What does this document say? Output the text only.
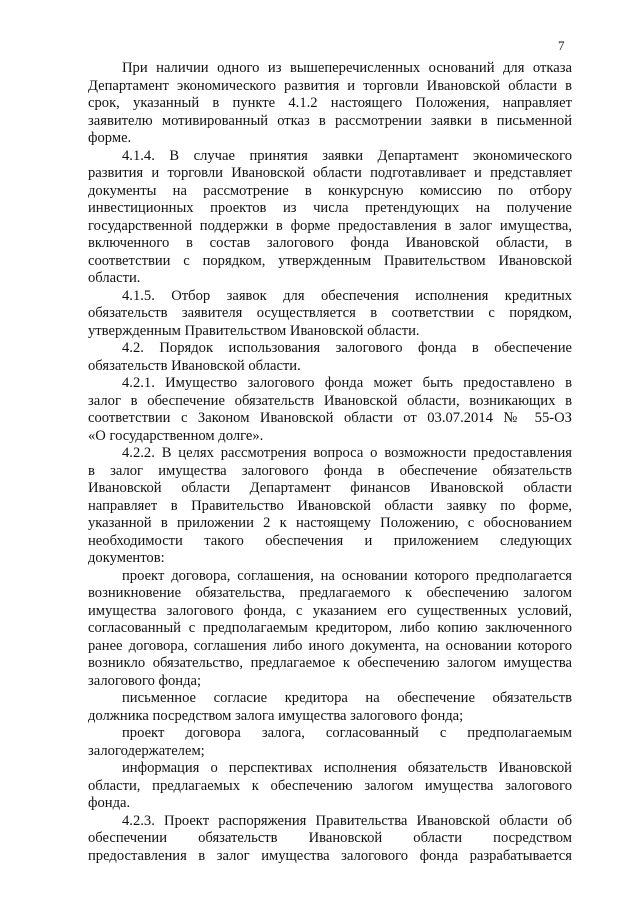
7
При наличии одного из вышеперечисленных оснований для отказа
Департамент экономического развития и торговли Ивановской области в
срок, указанный в пункте 4.1.2 настоящего Положения, направляет
заявителю мотивированный отказ в рассмотрении заявки в письменной
форме.
4.1.4. В случае принятия заявки Департамент экономического
развития и торговли Ивановской области подготавливает и представляет
документы на рассмотрение в конкурсную комиссию по отбору
инвестиционных проектов из числа претендующих на получение
государственной поддержки в форме предоставления в залог имущества,
включенного в состав залогового фонда Ивановской области, в
соответствии с порядком, утвержденным Правительством Ивановской
области.
4.1.5. Отбор заявок для обеспечения исполнения кредитных
обязательств заявителя осуществляется в соответствии с порядком,
утвержденным Правительством Ивановской области.
4.2. Порядок использования залогового фонда в обеспечение
обязательств Ивановской области.
4.2.1. Имущество залогового фонда может быть предоставлено в
залог в обеспечение обязательств Ивановской области, возникающих в
соответствии с Законом Ивановской области от 03.07.2014 № 55-ОЗ
«О государственном долге».
4.2.2. В целях рассмотрения вопроса о возможности предоставления
в залог имущества залогового фонда в обеспечение обязательств
Ивановской области Департамент финансов Ивановской области
направляет в Правительство Ивановской области заявку по форме,
указанной в приложении 2 к настоящему Положению, с обоснованием
необходимости такого обеспечения и приложением следующих
документов:
проект договора, соглашения, на основании которого предполагается
возникновение обязательства, предлагаемого к обеспечению залогом
имущества залогового фонда, с указанием его существенных условий,
согласованный с предполагаемым кредитором, либо копию заключенного
ранее договора, соглашения либо иного документа, на основании которого
возникло обязательство, предлагаемое к обеспечению залогом имущества
залогового фонда;
письменное согласие кредитора на обеспечение обязательств
должника посредством залога имущества залогового фонда;
проект договора залога, согласованный с предполагаемым
залогодержателем;
информация о перспективах исполнения обязательств Ивановской
области, предлагаемых к обеспечению залогом имущества залогового
фонда.
4.2.3. Проект распоряжения Правительства Ивановской области об
обеспечении обязательств Ивановской области посредством
предоставления в залог имущества залогового фонда разрабатывается
